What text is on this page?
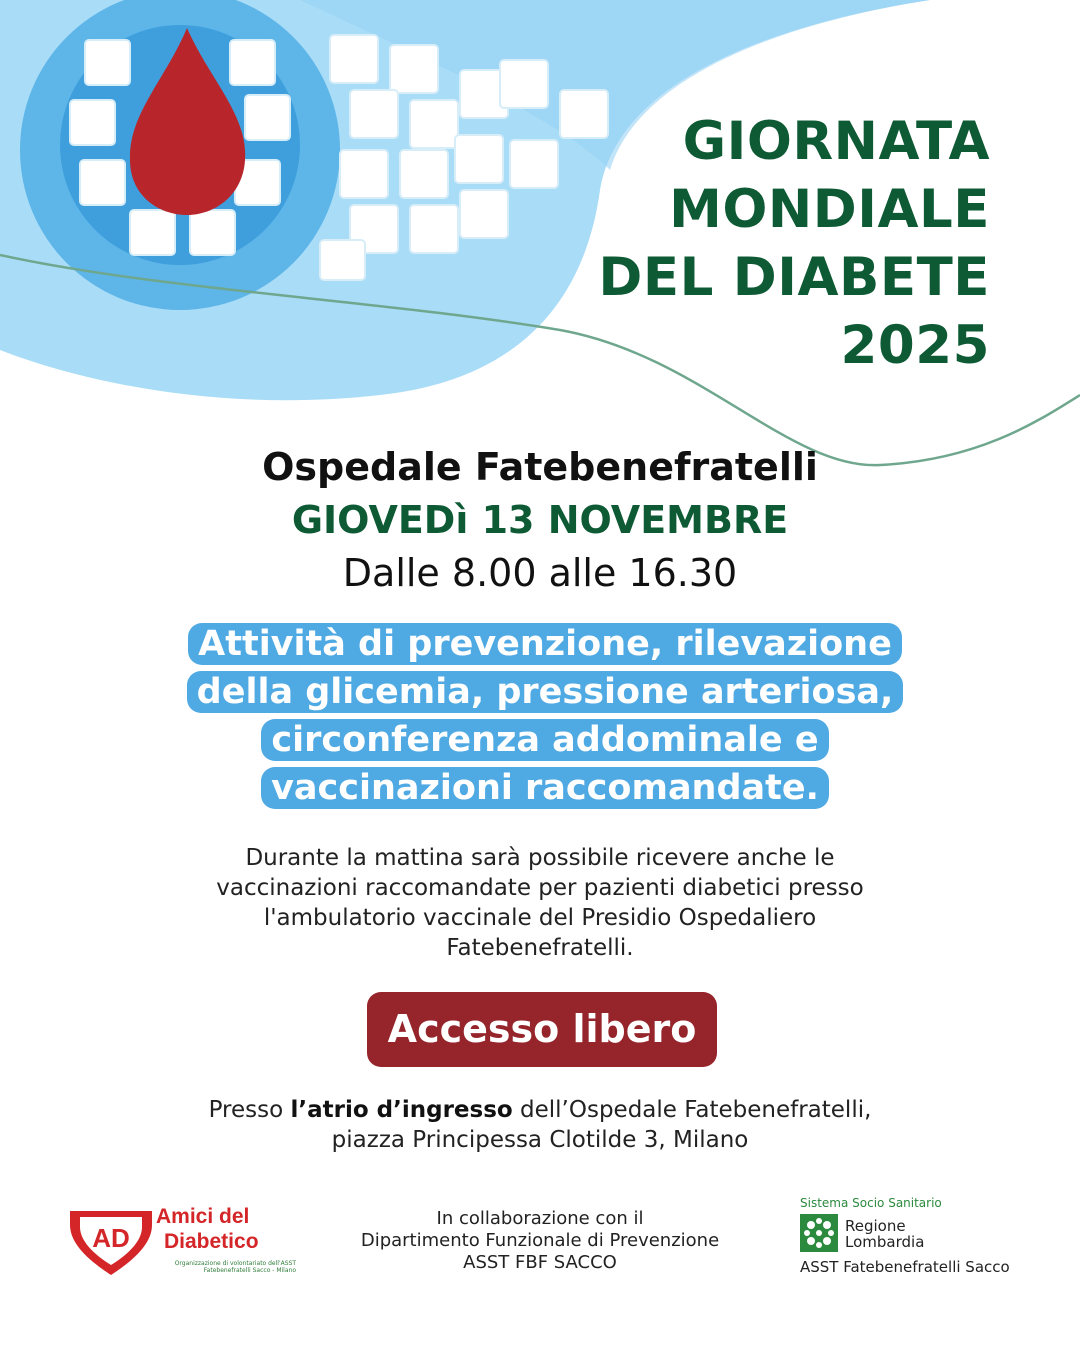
GIORNATA
MONDIALE
DEL DIABETE
2025
Ospedale Fatebenefratelli
GIOVEDì 13 NOVEMBRE
Dalle 8.00 alle 16.30
Attività di prevenzione, rilevazione della glicemia, pressione arteriosa, circonferenza addominale e vaccinazioni raccomandate.
Durante la mattina sarà possibile ricevere anche le vaccinazioni raccomandate per pazienti diabetici presso l'ambulatorio vaccinale del Presidio Ospedaliero Fatebenefratelli.
Accesso libero
Presso l’atrio d’ingresso dell’Ospedale Fatebenefratelli,
piazza Principessa Clotilde 3, Milano
AD
Amici del
Diabetico
Organizzazione di volontariato dell'ASST Fatebenefratelli Sacco - Milano
In collaborazione con il
Dipartimento Funzionale di Prevenzione
ASST FBF SACCO
Sistema Socio Sanitario
Regione
Lombardia
ASST Fatebenefratelli Sacco
